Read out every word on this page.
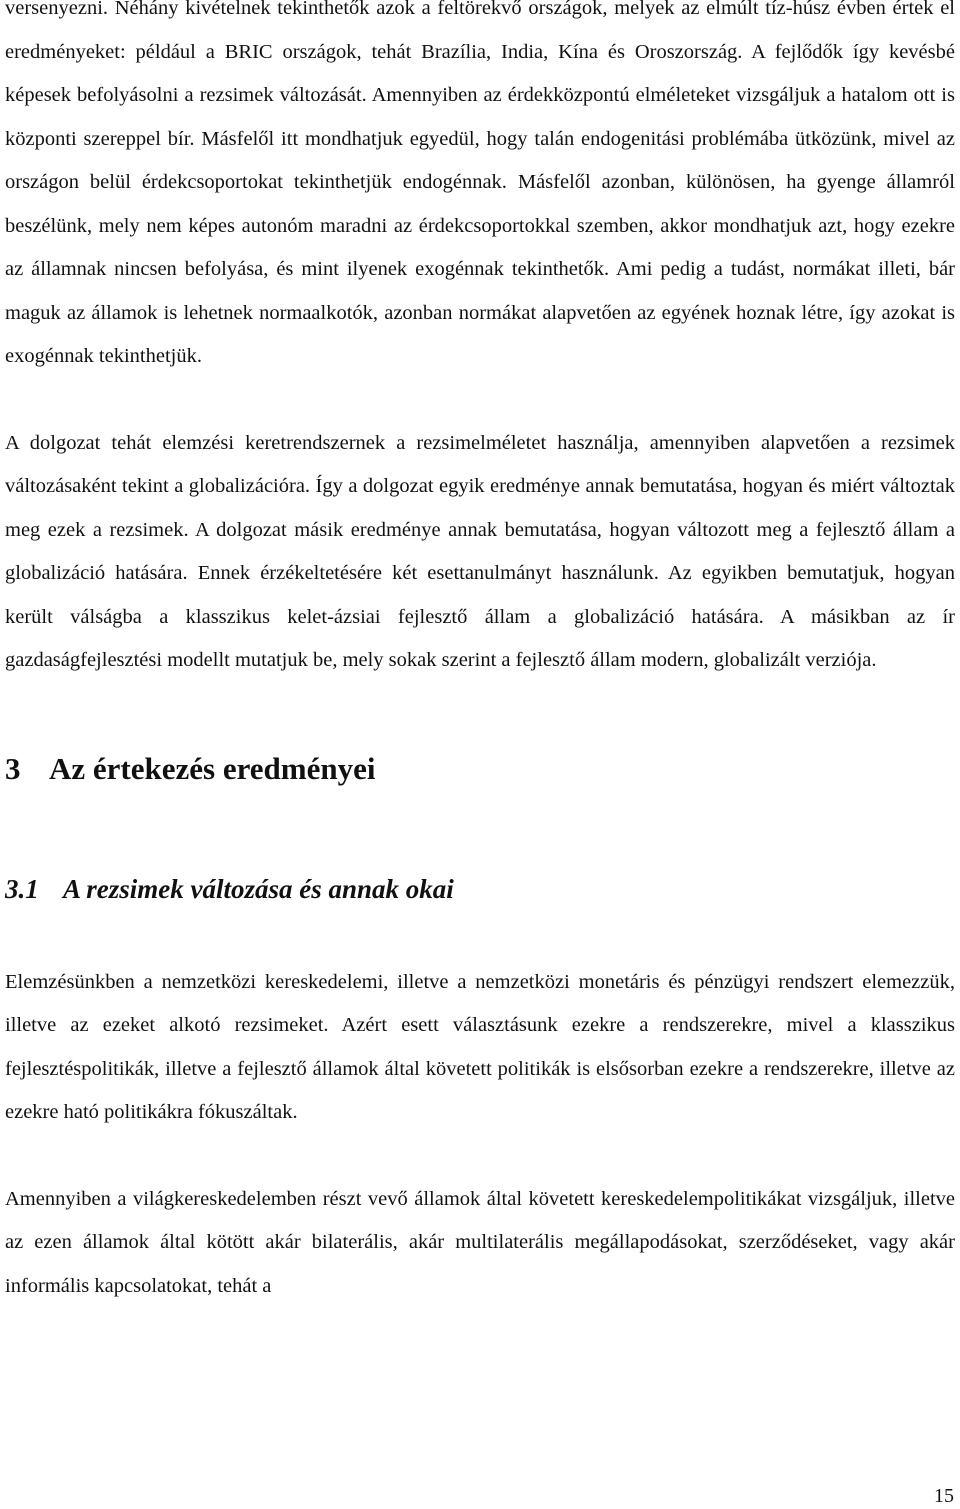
versenyezni. Néhány kivételnek tekinthetők azok a feltörekvő országok, melyek az elmúlt tíz-húsz évben értek el eredményeket: például a BRIC országok, tehát Brazília, India, Kína és Oroszország. A fejlődők így kevésbé képesek befolyásolni a rezsimek változását. Amennyiben az érdekközpontú elméleteket vizsgáljuk a hatalom ott is központi szereppel bír. Másfelől itt mondhatjuk egyedül, hogy talán endogenitási problémába ütközünk, mivel az országon belül érdekcsoportokat tekinthetjük endogénnak. Másfelől azonban, különösen, ha gyenge államról beszélünk, mely nem képes autonóm maradni az érdekcsoportokkal szemben, akkor mondhatjuk azt, hogy ezekre az államnak nincsen befolyása, és mint ilyenek exogénnak tekinthetők. Ami pedig a tudást, normákat illeti, bár maguk az államok is lehetnek normaalkotók, azonban normákat alapvetően az egyének hoznak létre, így azokat is exogénnak tekinthetjük.

A dolgozat tehát elemzési keretrendszernek a rezsimelméletet használja, amennyiben alapvetően a rezsimek változásaként tekint a globalizációra. Így a dolgozat egyik eredménye annak bemutatása, hogyan és miért változtak meg ezek a rezsimek. A dolgozat másik eredménye annak bemutatása, hogyan változott meg a fejlesztő állam a globalizáció hatására. Ennek érzékeltetésére két esettanulmányt használunk. Az egyikben bemutatjuk, hogyan került válságba a klasszikus kelet-ázsiai fejlesztő állam a globalizáció hatására. A másikban az ír gazdaságfejlesztési modellt mutatjuk be, mely sokak szerint a fejlesztő állam modern, globalizált verziója.

3 Az értekezés eredményei
3.1 A rezsimek változása és annak okai

Elemzésünkben a nemzetközi kereskedelemi, illetve a nemzetközi monetáris és pénzügyi rendszert elemezzük, illetve az ezeket alkotó rezsimeket. Azért esett választásunk ezekre a rendszerekre, mivel a klasszikus fejlesztéspolitikák, illetve a fejlesztő államok által követett politikák is elsősorban ezekre a rendszerekre, illetve az ezekre ható politikákra fókuszáltak.

Amennyiben a világkereskedelemben részt vevő államok által követett kereskedelempolitikákat vizsgáljuk, illetve az ezen államok által kötött akár bilaterális, akár multilaterális megállapodásokat, szerződéseket, vagy akár informális kapcsolatokat, tehát a

15
